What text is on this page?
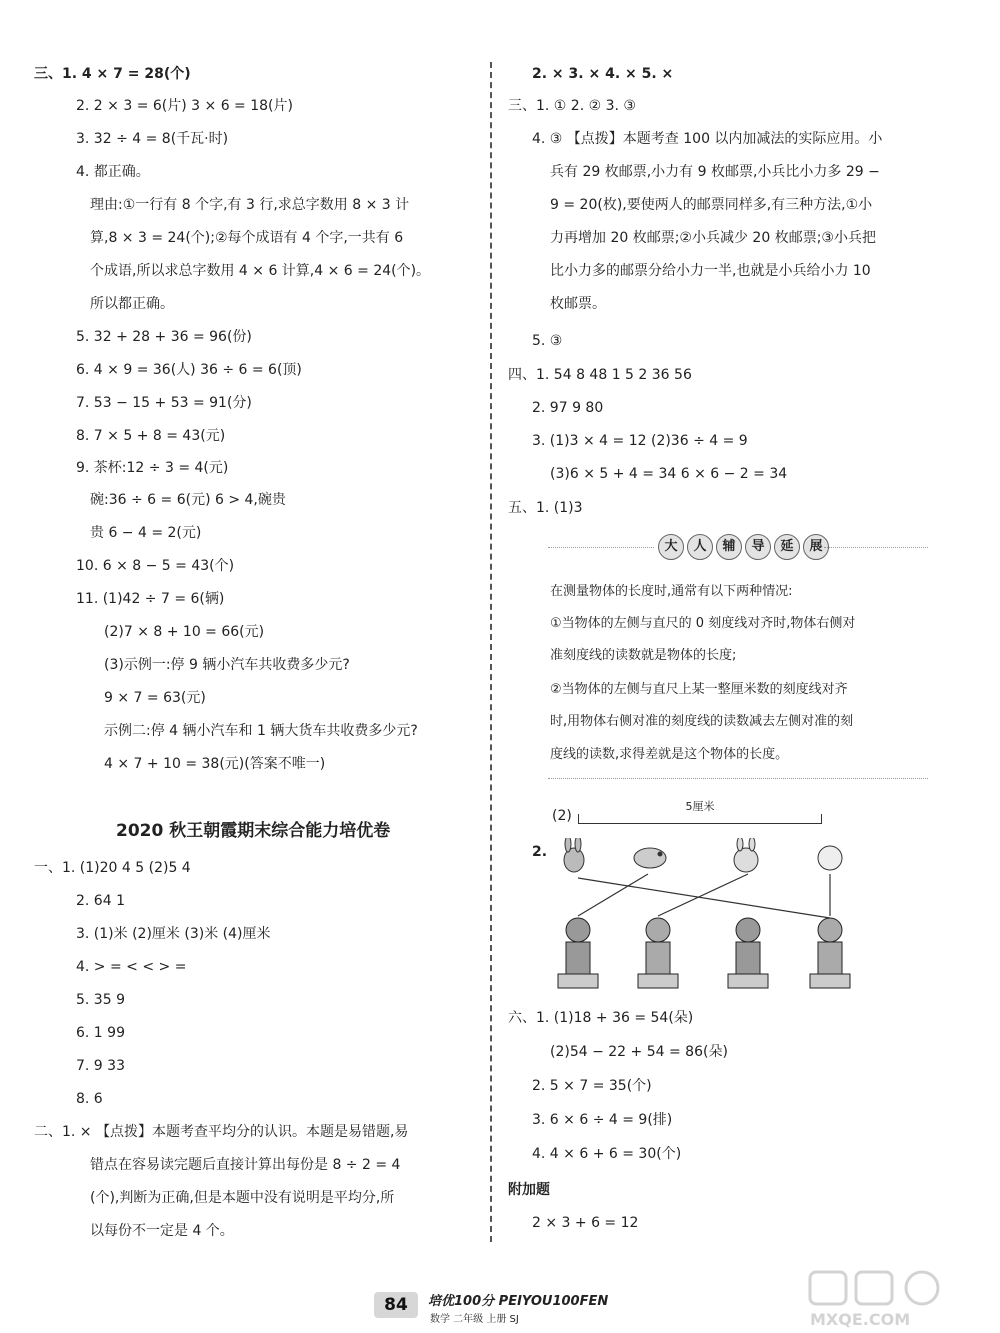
三、1. 4 × 7 = 28(个)
2. 2 × 3 = 6(片) 3 × 6 = 18(片)
3. 32 ÷ 4 = 8(千瓦·时)
4. 都正确。
理由:①一行有 8 个字,有 3 行,求总字数用 8 × 3 计
算,8 × 3 = 24(个);②每个成语有 4 个字,一共有 6
个成语,所以求总字数用 4 × 6 计算,4 × 6 = 24(个)。
所以都正确。
5. 32 + 28 + 36 = 96(份)
6. 4 × 9 = 36(人) 36 ÷ 6 = 6(顶)
7. 53 − 15 + 53 = 91(分)
8. 7 × 5 + 8 = 43(元)
9. 茶杯:12 ÷ 3 = 4(元)
碗:36 ÷ 6 = 6(元) 6 > 4,碗贵
贵 6 − 4 = 2(元)
10. 6 × 8 − 5 = 43(个)
11. (1)42 ÷ 7 = 6(辆)
(2)7 × 8 + 10 = 66(元)
(3)示例一:停 9 辆小汽车共收费多少元?
9 × 7 = 63(元)
示例二:停 4 辆小汽车和 1 辆大货车共收费多少元?
4 × 7 + 10 = 38(元)(答案不唯一)
2020 秋王朝霞期末综合能力培优卷
一、1. (1)20 4 5 (2)5 4
2. 64 1
3. (1)米 (2)厘米 (3)米 (4)厘米
4. > = < < > =
5. 35 9
6. 1 99
7. 9 33
8. 6
二、1. × 【点拨】本题考查平均分的认识。本题是易错题,易
错点在容易读完题后直接计算出每份是 8 ÷ 2 = 4
(个),判断为正确,但是本题中没有说明是平均分,所
以每份不一定是 4 个。
2. × 3. × 4. × 5. ×
三、1. ① 2. ② 3. ③
4. ③ 【点拨】本题考查 100 以内加减法的实际应用。小
兵有 29 枚邮票,小力有 9 枚邮票,小兵比小力多 29 −
9 = 20(枚),要使两人的邮票同样多,有三种方法,①小
力再增加 20 枚邮票;②小兵减少 20 枚邮票;③小兵把
比小力多的邮票分给小力一半,也就是小兵给小力 10
枚邮票。
5. ③
四、1. 54 8 48 1 5 2 36 56
2. 97 9 80
3. (1)3 × 4 = 12 (2)36 ÷ 4 = 9
(3)6 × 5 + 4 = 34 6 × 6 − 2 = 34
五、1. (1)3
大	人	辅	导	延	展
在测量物体的长度时,通常有以下两种情况:
①当物体的左侧与直尺的 0 刻度线对齐时,物体右侧对
准刻度线的读数就是物体的长度;
②当物体的左侧与直尺上某一整厘米数的刻度线对齐
时,用物体右侧对准的刻度线的读数减去左侧对准的刻
度线的读数,求得差就是这个物体的长度。
(2)
5厘米
2.
六、1. (1)18 + 36 = 54(朵)
(2)54 − 22 + 54 = 86(朵)
2. 5 × 7 = 35(个)
3. 6 × 6 ÷ 4 = 9(排)
4. 4 × 6 + 6 = 30(个)
附加题
2 × 3 + 6 = 12
84	培优100分 PEIYOU100FEN
数学 二年级 上册 SJ	MXQE.COM
